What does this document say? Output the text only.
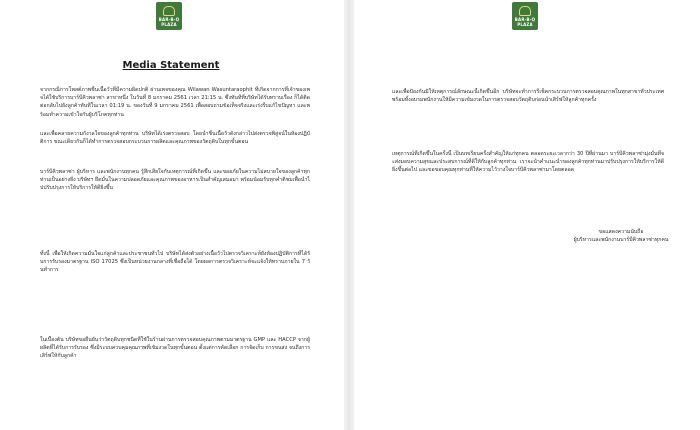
BAR-B-Q
PLAZA
Media Statement
จากกรณีการโพสต์ภาพชิ้นเนื้อวัวที่มีความผิดปกติ ผ่านเพจของคุณ Wilawan Wasuntaraophit ที่เกิดจากการที่เจ้าของเพจได้ใช้บริการบาร์บีคิวพลาซ่า สาขาหนึ่ง ในวันที่ 8 มกราคม 2561 เวลา 21:15 น. ซึ่งทันทีที่บริษัทได้รับทราบเรื่อง ก็ได้ติดต่อกลับไปยังลูกค้าทันทีในเวลา 01:19 น. ของวันที่ 9 มกราคม 2561 เพื่อสอบถามข้อเท็จจริงและเร่งรีบแก้ไขปัญหา และพร้อมทำความเข้าใจกับผู้บริโภคทุกท่าน
และเพื่อคลายความกังวลใจของลูกค้าทุกท่าน บริษัทได้เร่งตรวจสอบ โดยนำชิ้นเนื้อวัวดังกล่าวไปส่งตรวจพิสูจน์ในห้องปฏิบัติการ ขณะเดียวกันก็ได้ทำการตรวจสอบกระบวนการผลิตและคุณภาพของวัตถุดิบในทุกขั้นตอน
บาร์บีคิวพลาซ่า ผู้บริหาร และพนักงานทุกคน รู้สึกเสียใจกับเหตุการณ์ที่เกิดขึ้น และขออภัยในความไม่สบายใจของลูกค้าทุกท่านเป็นอย่างยิ่ง บริษัทฯ ยึดมั่นในความปลอดภัยและคุณภาพของอาหารเป็นสำคัญเสมอมา พร้อมน้อมรับทุกคำติชมเพื่อนำไปปรับปรุงการให้บริการให้ดียิ่งขึ้น
ทั้งนี้ เพื่อให้เกิดความมั่นใจแก่ลูกค้าและประชาชนทั่วไป บริษัทได้ส่งตัวอย่างเนื้อวัวไปตรวจวิเคราะห์ยังห้องปฏิบัติการที่ได้รับการรับรองมาตรฐาน ISO 17025 ซึ่งเป็นหน่วยงานกลางที่เชื่อถือได้ โดยผลการตรวจวิเคราะห์จะแจ้งให้ทราบภายใน 7 วันทำการ
ในเบื้องต้น บริษัทขอยืนยันว่าวัตถุดิบทุกชนิดที่ใช้ในร้านผ่านการตรวจสอบคุณภาพตามมาตรฐาน GMP และ HACCP จากผู้ผลิตที่ได้รับการรับรอง ซึ่งมีระบบควบคุมคุณภาพที่เข้มงวดในทุกขั้นตอน ตั้งแต่การคัดเลือก การจัดเก็บ การขนส่ง จนถึงการเสิร์ฟให้กับลูกค้า
BAR-B-Q
PLAZA
และเพื่อป้องกันมิให้เหตุการณ์ลักษณะนี้เกิดขึ้นอีก บริษัทจะทำการรีเช็คกระบวนการตรวจสอบคุณภาพในทุกสาขาทั่วประเทศ พร้อมทั้งอบรมพนักงานให้มีความเข้มงวดในการตรวจสอบวัตถุดิบก่อนนำเสิร์ฟให้ลูกค้าทุกครั้ง
เหตุการณ์ที่เกิดขึ้นในครั้งนี้ เป็นบทเรียนครั้งสำคัญให้แก่ทุกคน ตลอดระยะเวลากว่า 30 ปีที่ผ่านมา บาร์บีคิวพลาซ่ามุ่งมั่นที่จะส่งมอบความสุขและประสบการณ์ที่ดีให้กับลูกค้าทุกท่าน เราจะนำคำแนะนำของลูกค้าทุกท่านมาปรับปรุงการให้บริการให้ดียิ่งขึ้นต่อไป และขอขอบคุณทุกท่านที่ให้ความไว้วางใจบาร์บีคิวพลาซ่ามาโดยตลอด
ขอแสดงความนับถือ
ผู้บริหารและพนักงานบาร์บีคิวพลาซ่าทุกคน
